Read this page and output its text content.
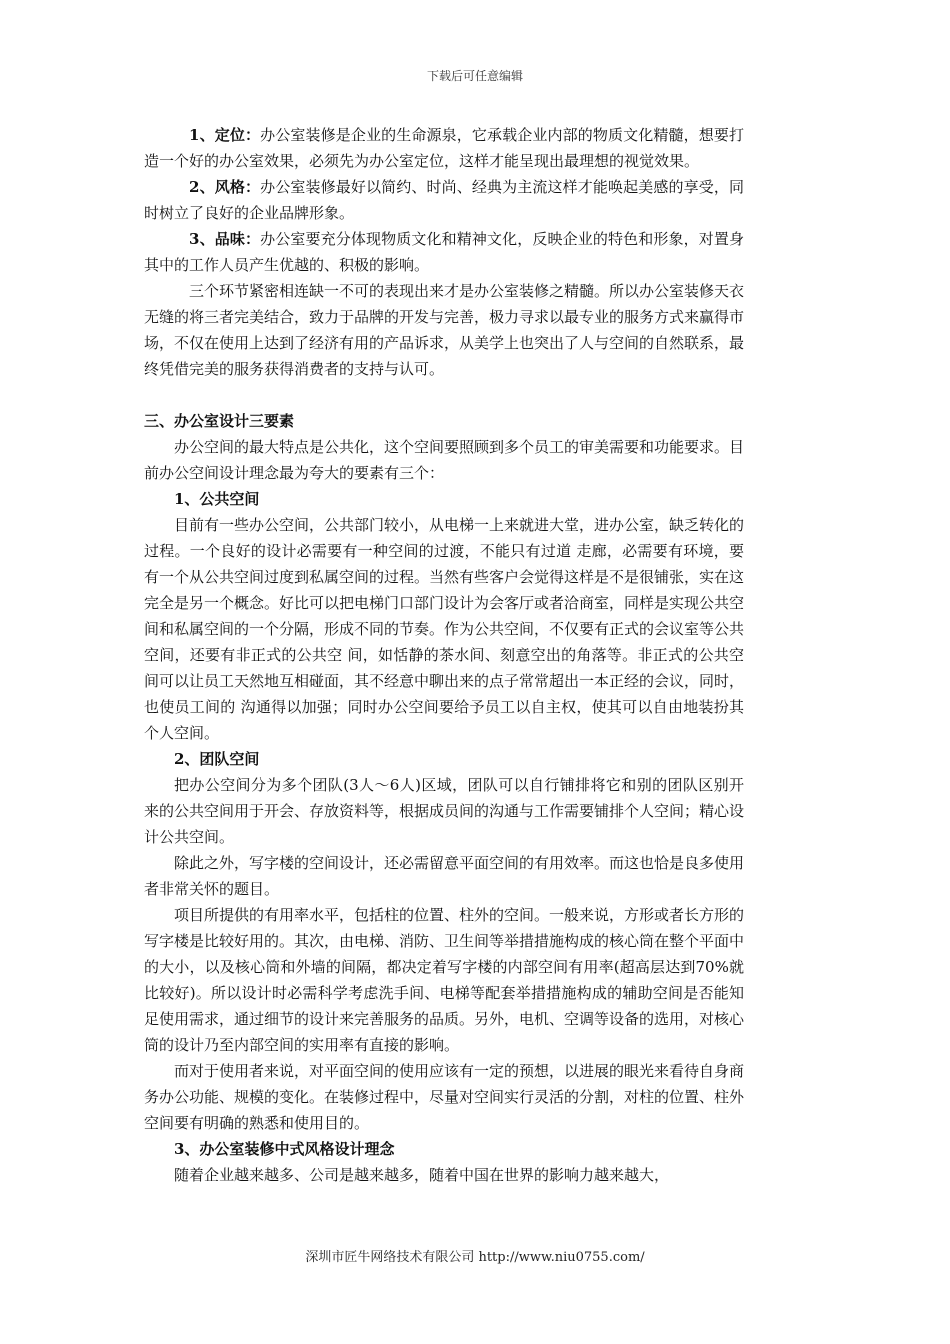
下载后可任意编辑

1、定位：办公室装修是企业的生命源泉，它承载企业内部的物质文化精髓，想要打造一个好的办公室效果，必须先为办公室定位，这样才能呈现出最理想的视觉效果。

2、风格：办公室装修最好以简约、时尚、经典为主流这样才能唤起美感的享受，同时树立了良好的企业品牌形象。

3、品味：办公室要充分体现物质文化和精神文化，反映企业的特色和形象，对置身其中的工作人员产生优越的、积极的影响。

三个环节紧密相连缺一不可的表现出来才是办公室装修之精髓。所以办公室装修天衣无缝的将三者完美结合，致力于品牌的开发与完善，极力寻求以最专业的服务方式来赢得市场，不仅在使用上达到了经济有用的产品诉求，从美学上也突出了人与空间的自然联系，最终凭借完美的服务获得消费者的支持与认可。

三、办公室设计三要素

办公空间的最大特点是公共化，这个空间要照顾到多个员工的审美需要和功能要求。目前办公空间设计理念最为夸大的要素有三个：

1、公共空间

目前有一些办公空间，公共部门较小，从电梯一上来就进大堂，进办公室，缺乏转化的过程。一个良好的设计必需要有一种空间的过渡，不能只有过道 走廊，必需要有环境，要有一个从公共空间过度到私属空间的过程。当然有些客户会觉得这样是不是很铺张，实在这完全是另一个概念。好比可以把电梯门口部门设计为会客厅或者洽商室，同样是实现公共空间和私属空间的一个分隔，形成不同的节奏。作为公共空间，不仅要有正式的会议室等公共空间，还要有非正式的公共空 间，如恬静的茶水间、刻意空出的角落等。非正式的公共空间可以让员工天然地互相碰面，其不经意中聊出来的点子常常超出一本正经的会议，同时，也使员工间的 沟通得以加强；同时办公空间要给予员工以自主权，使其可以自由地装扮其个人空间。

2、团队空间

把办公空间分为多个团队(3人～6人)区域，团队可以自行铺排将它和别的团队区别开来的公共空间用于开会、存放资料等，根据成员间的沟通与工作需要铺排个人空间；精心设计公共空间。

除此之外，写字楼的空间设计，还必需留意平面空间的有用效率。而这也恰是良多使用者非常关怀的题目。

项目所提供的有用率水平，包括柱的位置、柱外的空间。一般来说，方形或者长方形的写字楼是比较好用的。其次，由电梯、消防、卫生间等举措措施构成的核心筒在整个平面中的大小，以及核心筒和外墙的间隔，都决定着写字楼的内部空间有用率(超高层达到70%就比较好)。所以设计时必需科学考虑洗手间、电梯等配套举措措施构成的辅助空间是否能知足使用需求，通过细节的设计来完善服务的品质。另外，电机、空调等设备的选用，对核心筒的设计乃至内部空间的实用率有直接的影响。

而对于使用者来说，对平面空间的使用应该有一定的预想，以进展的眼光来看待自身商务办公功能、规模的变化。在装修过程中，尽量对空间实行灵活的分割，对柱的位置、柱外空间要有明确的熟悉和使用目的。

3、办公室装修中式风格设计理念

随着企业越来越多、公司是越来越多，随着中国在世界的影响力越来越大，

深圳市匠牛网络技术有限公司 http://www.niu0755.com/
